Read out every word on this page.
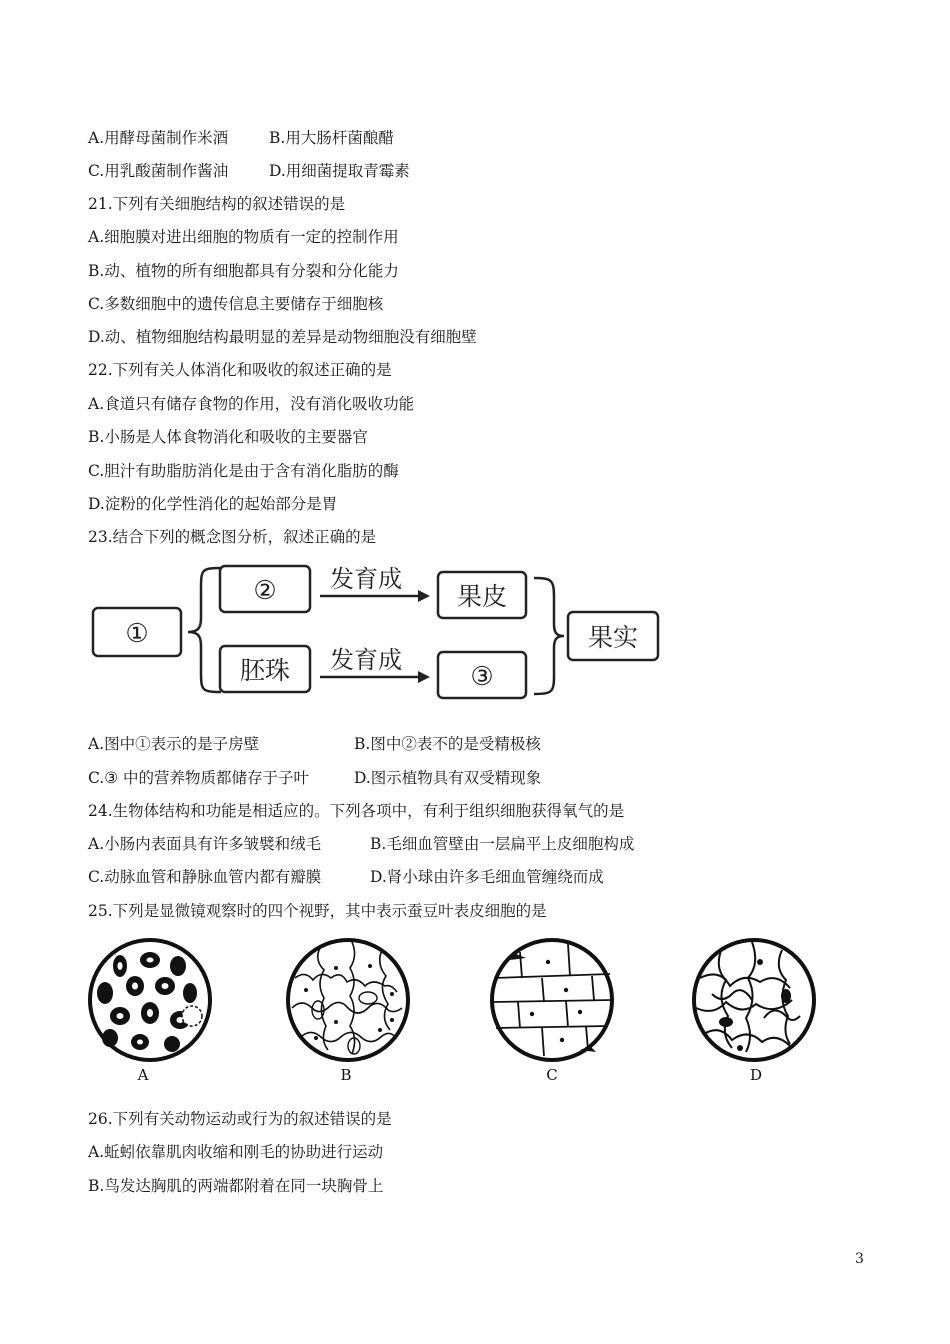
A.用酵母菌制作米酒	B.用大肠杆菌酿醋
C.用乳酸菌制作酱油	D.用细菌提取青霉素
21.下列有关细胞结构的叙述错误的是
A.细胞膜对进出细胞的物质有一定的控制作用
B.动、植物的所有细胞都具有分裂和分化能力
C.多数细胞中的遗传信息主要储存于细胞核
D.动、植物细胞结构最明显的差异是动物细胞没有细胞壁
22.下列有关人体消化和吸收的叙述正确的是
A.食道只有储存食物的作用，没有消化吸收功能
B.小肠是人体食物消化和吸收的主要器官
C.胆汁有助脂肪消化是由于含有消化脂肪的酶
D.淀粉的化学性消化的起始部分是胃
23.结合下列的概念图分析，叙述正确的是
①
②
胚珠
发育成
发育成
果皮
③
果实
A.图中①表示的是子房壁	B.图中②表不的是受精极核
C.③ 中的营养物质都储存于子叶	D.图示植物具有双受精现象
24.生物体结构和功能是相适应的。下列各项中，有利于组织细胞获得氧气的是
A.小肠内表面具有许多皱襞和绒毛	B.毛细血管壁由一层扁平上皮细胞构成
C.动脉血管和静脉血管内都有瓣膜	D.肾小球由许多毛细血管缠绕而成
25.下列是显微镜观察时的四个视野，其中表示蚕豆叶表皮细胞的是
A	B	C	D
26.下列有关动物运动或行为的叙述错误的是
A.蚯蚓依靠肌肉收缩和刚毛的协助进行运动
B.鸟发达胸肌的两端都附着在同一块胸骨上
3
